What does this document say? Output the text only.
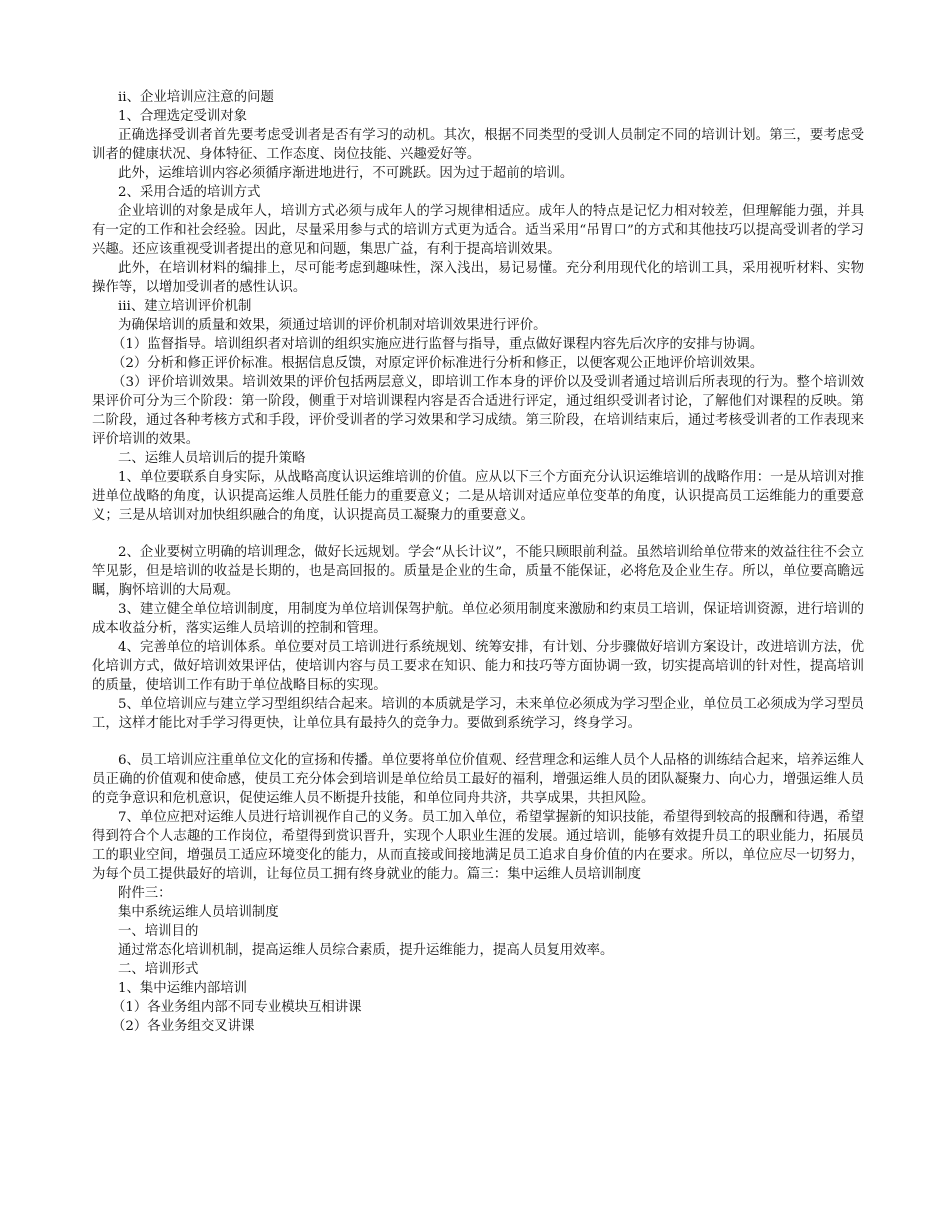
ⅱ、企业培训应注意的问题

1、合理选定受训对象

正确选择受训者首先要考虑受训者是否有学习的动机。其次，根据不同类型的受训人员制定不同的培训计划。第三，要考虑受训者的健康状况、身体特征、工作态度、岗位技能、兴趣爱好等。

此外，运维培训内容必须循序渐进地进行，不可跳跃。因为过于超前的培训。

2、采用合适的培训方式

企业培训的对象是成年人，培训方式必须与成年人的学习规律相适应。成年人的特点是记忆力相对较差，但理解能力强，并具有一定的工作和社会经验。因此，尽量采用参与式的培训方式更为适合。适当采用“吊胃口”的方式和其他技巧以提高受训者的学习兴趣。还应该重视受训者提出的意见和问题，集思广益，有利于提高培训效果。

此外，在培训材料的编排上，尽可能考虑到趣味性，深入浅出，易记易懂。充分利用现代化的培训工具，采用视听材料、实物操作等，以增加受训者的感性认识。

ⅲ、建立培训评价机制

为确保培训的质量和效果，须通过培训的评价机制对培训效果进行评价。

（1）监督指导。培训组织者对培训的组织实施应进行监督与指导，重点做好课程内容先后次序的安排与协调。

（2）分析和修正评价标准。根据信息反馈，对原定评价标准进行分析和修正，以便客观公正地评价培训效果。

（3）评价培训效果。培训效果的评价包括两层意义，即培训工作本身的评价以及受训者通过培训后所表现的行为。整个培训效果评价可分为三个阶段：第一阶段，侧重于对培训课程内容是否合适进行评定，通过组织受训者讨论，了解他们对课程的反映。第二阶段，通过各种考核方式和手段，评价受训者的学习效果和学习成绩。第三阶段，在培训结束后，通过考核受训者的工作表现来评价培训的效果。

二、运维人员培训后的提升策略

1、单位要联系自身实际，从战略高度认识运维培训的价值。应从以下三个方面充分认识运维培训的战略作用：一是从培训对推进单位战略的角度，认识提高运维人员胜任能力的重要意义；二是从培训对适应单位变革的角度，认识提高员工运维能力的重要意义；三是从培训对加快组织融合的角度，认识提高员工凝聚力的重要意义。

2、企业要树立明确的培训理念，做好长远规划。学会“从长计议”，不能只顾眼前利益。虽然培训给单位带来的效益往往不会立竿见影，但是培训的收益是长期的，也是高回报的。质量是企业的生命，质量不能保证，必将危及企业生存。所以，单位要高瞻远瞩，胸怀培训的大局观。

3、建立健全单位培训制度，用制度为单位培训保驾护航。单位必须用制度来激励和约束员工培训，保证培训资源，进行培训的成本收益分析，落实运维人员培训的控制和管理。

4、完善单位的培训体系。单位要对员工培训进行系统规划、统筹安排，有计划、分步骤做好培训方案设计，改进培训方法，优化培训方式，做好培训效果评估，使培训内容与员工要求在知识、能力和技巧等方面协调一致，切实提高培训的针对性，提高培训的质量，使培训工作有助于单位战略目标的实现。

5、单位培训应与建立学习型组织结合起来。培训的本质就是学习，未来单位必须成为学习型企业，单位员工必须成为学习型员工，这样才能比对手学习得更快，让单位具有最持久的竞争力。要做到系统学习，终身学习。

6、员工培训应注重单位文化的宣扬和传播。单位要将单位价值观、经营理念和运维人员个人品格的训练结合起来，培养运维人员正确的价值观和使命感，使员工充分体会到培训是单位给员工最好的福利，增强运维人员的团队凝聚力、向心力，增强运维人员的竞争意识和危机意识，促使运维人员不断提升技能，和单位同舟共济，共享成果，共担风险。

7、单位应把对运维人员进行培训视作自己的义务。员工加入单位，希望掌握新的知识技能，希望得到较高的报酬和待遇，希望得到符合个人志趣的工作岗位，希望得到赏识晋升，实现个人职业生涯的发展。通过培训，能够有效提升员工的职业能力，拓展员工的职业空间，增强员工适应环境变化的能力，从而直接或间接地满足员工追求自身价值的内在要求。所以，单位应尽一切努力，为每个员工提供最好的培训，让每位员工拥有终身就业的能力。篇三：集中运维人员培训制度

附件三：

集中系统运维人员培训制度

一、培训目的

通过常态化培训机制，提高运维人员综合素质，提升运维能力，提高人员复用效率。

二、培训形式

1、集中运维内部培训

（1）各业务组内部不同专业模块互相讲课

（2）各业务组交叉讲课
